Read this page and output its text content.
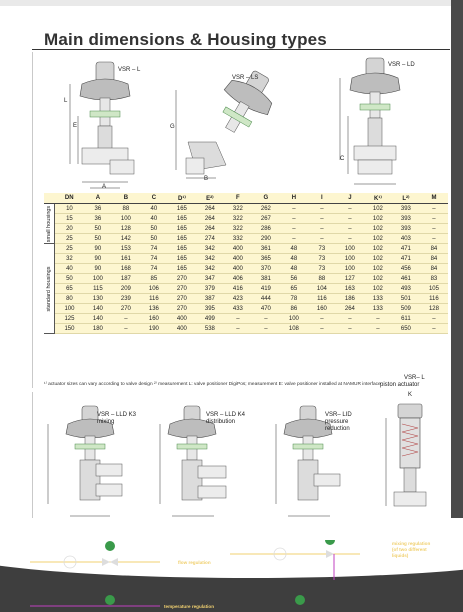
Main dimensions & Housing types
VSR – L
L
E
A
VSR – LS
G
B
VSR – LD
C
	DN	A	B	C	D¹⁾	E²⁾	F	G	H	I	J	K¹⁾	L²⁾	M

small housings	10	36	88	40	165	264	322	262	–	–	–	102	393	–
	15	36	100	40	165	264	322	267	–	–	–	102	393	–
	20	50	128	50	165	264	322	286	–	–	–	102	393	–
	25	50	142	50	165	274	332	290	–	–	–	102	403	–

standard housings	25	90	153	74	165	342	400	361	48	73	100	102	471	84
	32	90	161	74	165	342	400	365	48	73	100	102	471	84
	40	90	168	74	165	342	400	370	48	73	100	102	456	84
	50	100	187	85	270	347	406	381	56	88	127	102	461	83
	65	115	209	106	270	379	416	419	65	104	163	102	493	105
	80	130	239	116	270	387	423	444	78	116	186	133	501	116
	100	140	270	136	270	395	433	470	86	160	264	133	509	128
	125	140	–	160	400	499	–	–	100	–	–	–	611	–
	150	180	–	190	400	538	–	–	108	–	–	–	650	–
¹⁾ actuator sizes can vary according to valve design ²⁾ measurement L: valve positioner DigiPos; measurement E: valve positioner installed at NAMUR interface
VSR – LLD K3
mixing
VSR – LLD K4
distribution
VSR– LID
pressure
reduction
VSR– L
piston actuator
K
flow regulation
mixing regulation
(of two different
liquids)
temperature regulation
